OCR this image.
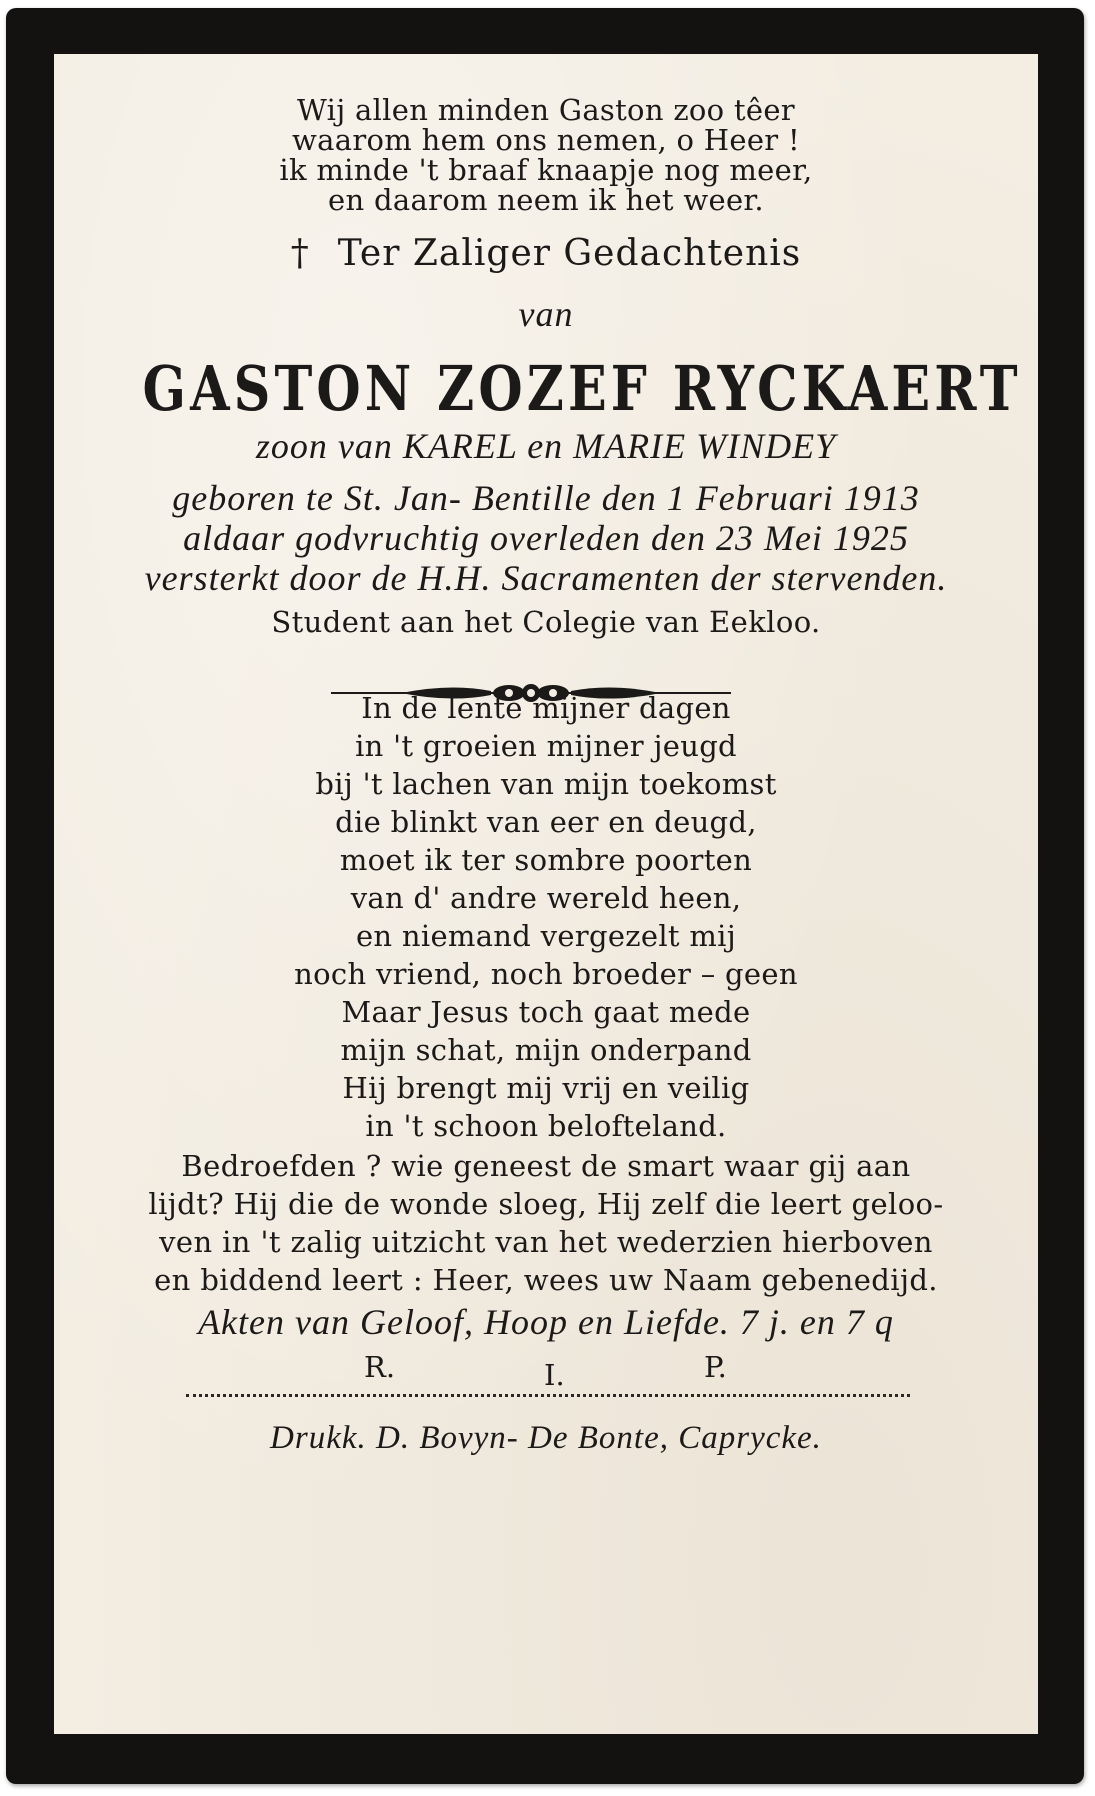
Wij allen minden Gaston zoo têer
waarom hem ons nemen, o Heer !
ik minde 't braaf knaapje nog meer,
en daarom neem ik het weer.
† Ter Zaliger Gedachtenis
van
GASTON ZOZEF RYCKAERT
zoon van KAREL en MARIE WINDEY
geboren te St. Jan- Bentille den 1 Februari 1913
aldaar godvruchtig overleden den 23 Mei 1925
versterkt door de H.H. Sacramenten der stervenden.
Student aan het Colegie van Eekloo.
In de lente mijner dagen
in 't groeien mijner jeugd
bij 't lachen van mijn toekomst
die blinkt van eer en deugd,
moet ik ter sombre poorten
van d' andre wereld heen,
en niemand vergezelt mij
noch vriend, noch broeder – geen
Maar Jesus toch gaat mede
mijn schat, mijn onderpand
Hij brengt mij vrij en veilig
in 't schoon belofteland.
Bedroefden ? wie geneest de smart waar gij aan
lijdt? Hij die de wonde sloeg, Hij zelf die leert geloo-
ven in 't zalig uitzicht van het wederzien hierboven
en biddend leert : Heer, wees uw Naam gebenedijd.
Akten van Geloof, Hoop en Liefde. 7 j. en 7 q
R.	I.	P.
Drukk. D. Bovyn- De Bonte, Caprycke.
